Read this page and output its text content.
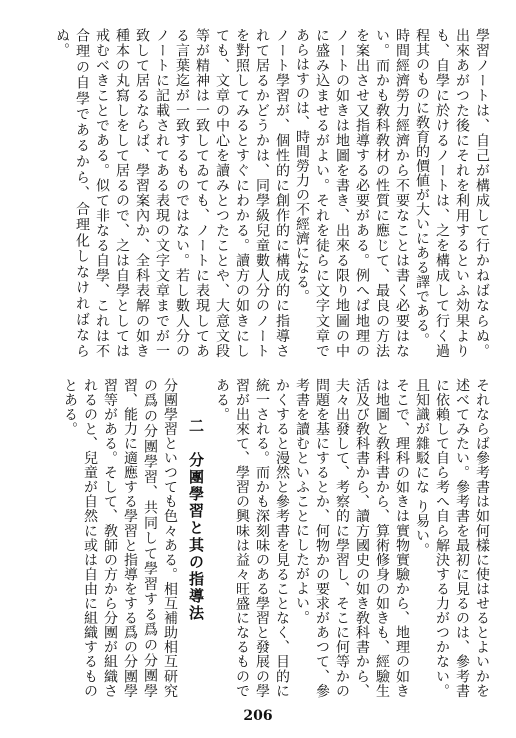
學習ノートは、自己が構成して行かねばならぬ。出來あがつた後にそれを利用するといふ効果よりも、自學に於けるノートは、之を構成して行く過程其のものに敎育的價値が大いにある譯である。

時間經濟勞力經濟から不要なことは書く必要はない。而かも敎科敎材の性質に應じて、最良の方法を案出させ又指導する必要がある。例へば地理のノートの如きは地圖を書き、出來る限り地圖の中に盛み込ませるがよい。それを徒らに文字文章であらはすのは、時間勞力の不經濟になる。

ノート學習が、個性的に創作的に構成的に指導されて居るかどうかは、同學級兒童數人分のノートを對照してみるとすぐにわかる。讀方の如きにしても、文章の中心を讀みとつたことや、大意文段等が精神は一致してゐても、ノートに表現してある言葉迄が一致するものではない。若し數人分のノートに記載されてある表現の文字文章までが一致して居るならば、學習案內か、全科表解の如き種本の丸寫しをして居るので、之は自學としては戒むべきことである。似て非なる自學、これは不合理の自學であるから、合理化しなければならぬ。

それならば參考書は如何樣に使はせるとよいかを述べてみたい。參考書を最初に見るのは、參考書に依賴して自ら考へ自ら解決する力がつかない。且知識が雜駁にな り易い。

そこで、理科の如きは實物實驗から、地理の如きは地圖と敎科書から、算術修身の如きも、經驗生活及び敎科書から、讀方國史の如き敎科書から、夫々出發して、考察的に學習し、そこに何等かの問題を基にするとか、何物かの要求があつて、參考書を讀むといふことにしたがよい。

かくすると漫然と參考書を見ることなく、目的に統一される。而かも深刻味のある學習と發展の學習が出來て、學習の興味は益々旺盛になるものである。

二　分團學習と其の指導法

分團學習といつても色々ある。相互補助相互研究の爲の分團學習、共同して學習する爲の分團學習、能力に適應する學習と指導をする爲の分團學習等がある。そして、敎師の方から分團が組織されるのと、兒童が自然に或は自由に組織するものとある。

206
